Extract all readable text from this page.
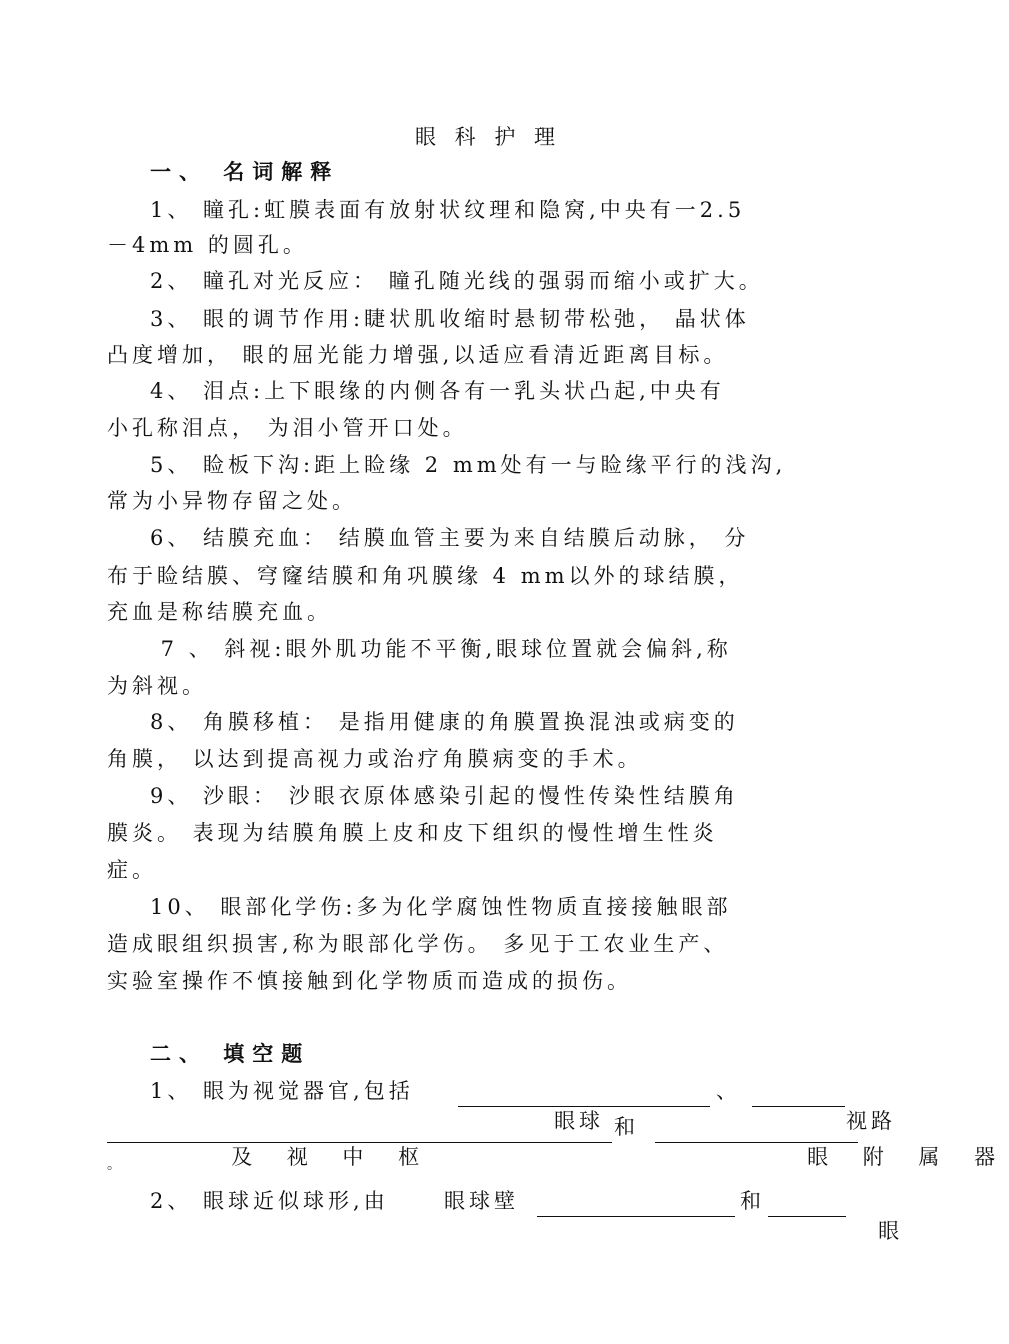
眼 科 护 理
一、 名词解释
1、 瞳孔:虹膜表面有放射状纹理和隐窝,中央有一2.5
－4mm 的圆孔。
2、 瞳孔对光反应： 瞳孔随光线的强弱而缩小或扩大。
3、 眼的调节作用:睫状肌收缩时悬韧带松弛， 晶状体
凸度增加， 眼的屈光能力增强,以适应看清近距离目标。
4、 泪点:上下眼缘的内侧各有一乳头状凸起,中央有
小孔称泪点， 为泪小管开口处。
5、 睑板下沟:距上睑缘 2 mm处有一与睑缘平行的浅沟,
常为小异物存留之处。
6、 结膜充血： 结膜血管主要为来自结膜后动脉， 分
布于睑结膜、穹窿结膜和角巩膜缘 4 mm以外的球结膜，
充血是称结膜充血。
7 、 斜视:眼外肌功能不平衡,眼球位置就会偏斜,称
为斜视。
8、 角膜移植： 是指用健康的角膜置换混浊或病变的
角膜， 以达到提高视力或治疗角膜病变的手术。
9、 沙眼： 沙眼衣原体感染引起的慢性传染性结膜角
膜炎。 表现为结膜角膜上皮和皮下组织的慢性增生性炎
症。
10、 眼部化学伤:多为化学腐蚀性物质直接接触眼部
造成眼组织损害,称为眼部化学伤。 多见于工农业生产、
实验室操作不慎接触到化学物质而造成的损伤。
二、 填空题
1、 眼为视觉器官,包括

眼球

、

视路

及 视 中 枢

和

眼 附 属 器

。
2、 眼球近似球形,由	眼球壁	和

眼
